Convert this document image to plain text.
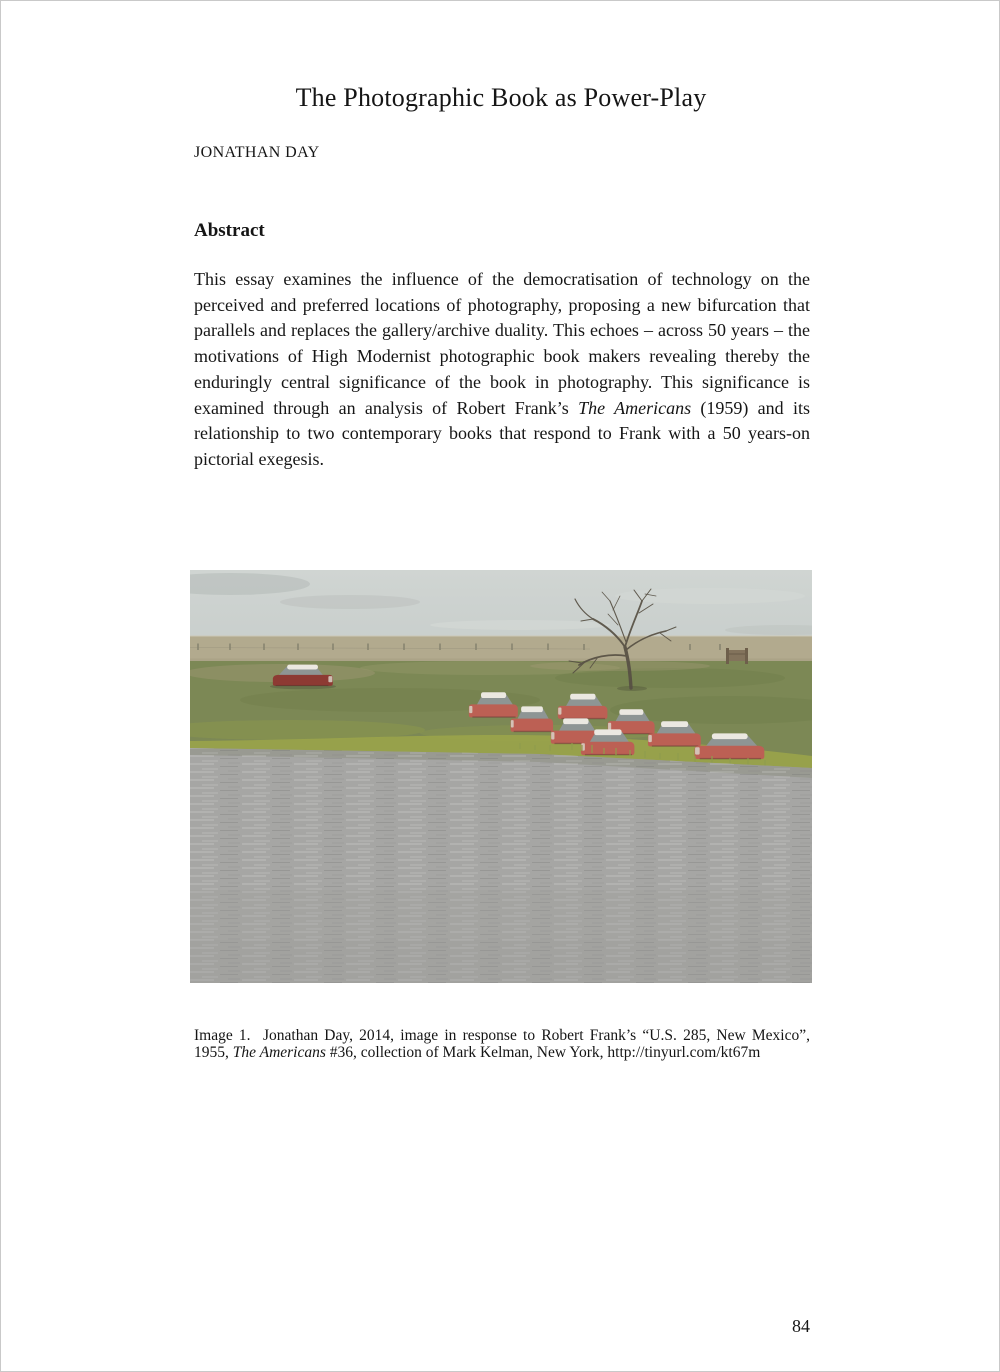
The Photographic Book as Power-Play
JONATHAN DAY
Abstract

This essay examines the influence of the democratisation of technology on the perceived and preferred locations of photography, proposing a new bifurcation that parallels and replaces the gallery/archive duality. This echoes – across 50 years – the motivations of High Modernist photographic book makers revealing thereby the enduringly central significance of the book in photography. This significance is examined through an analysis of Robert Frank’s The Americans (1959) and its relationship to two contemporary books that respond to Frank with a 50 years-on pictorial exegesis.

Image 1.  Jonathan Day, 2014, image in response to Robert Frank’s “U.S. 285, New Mexico”, 1955, The Americans #36, collection of Mark Kelman, New York, http://tinyurl.com/kt67m

84
